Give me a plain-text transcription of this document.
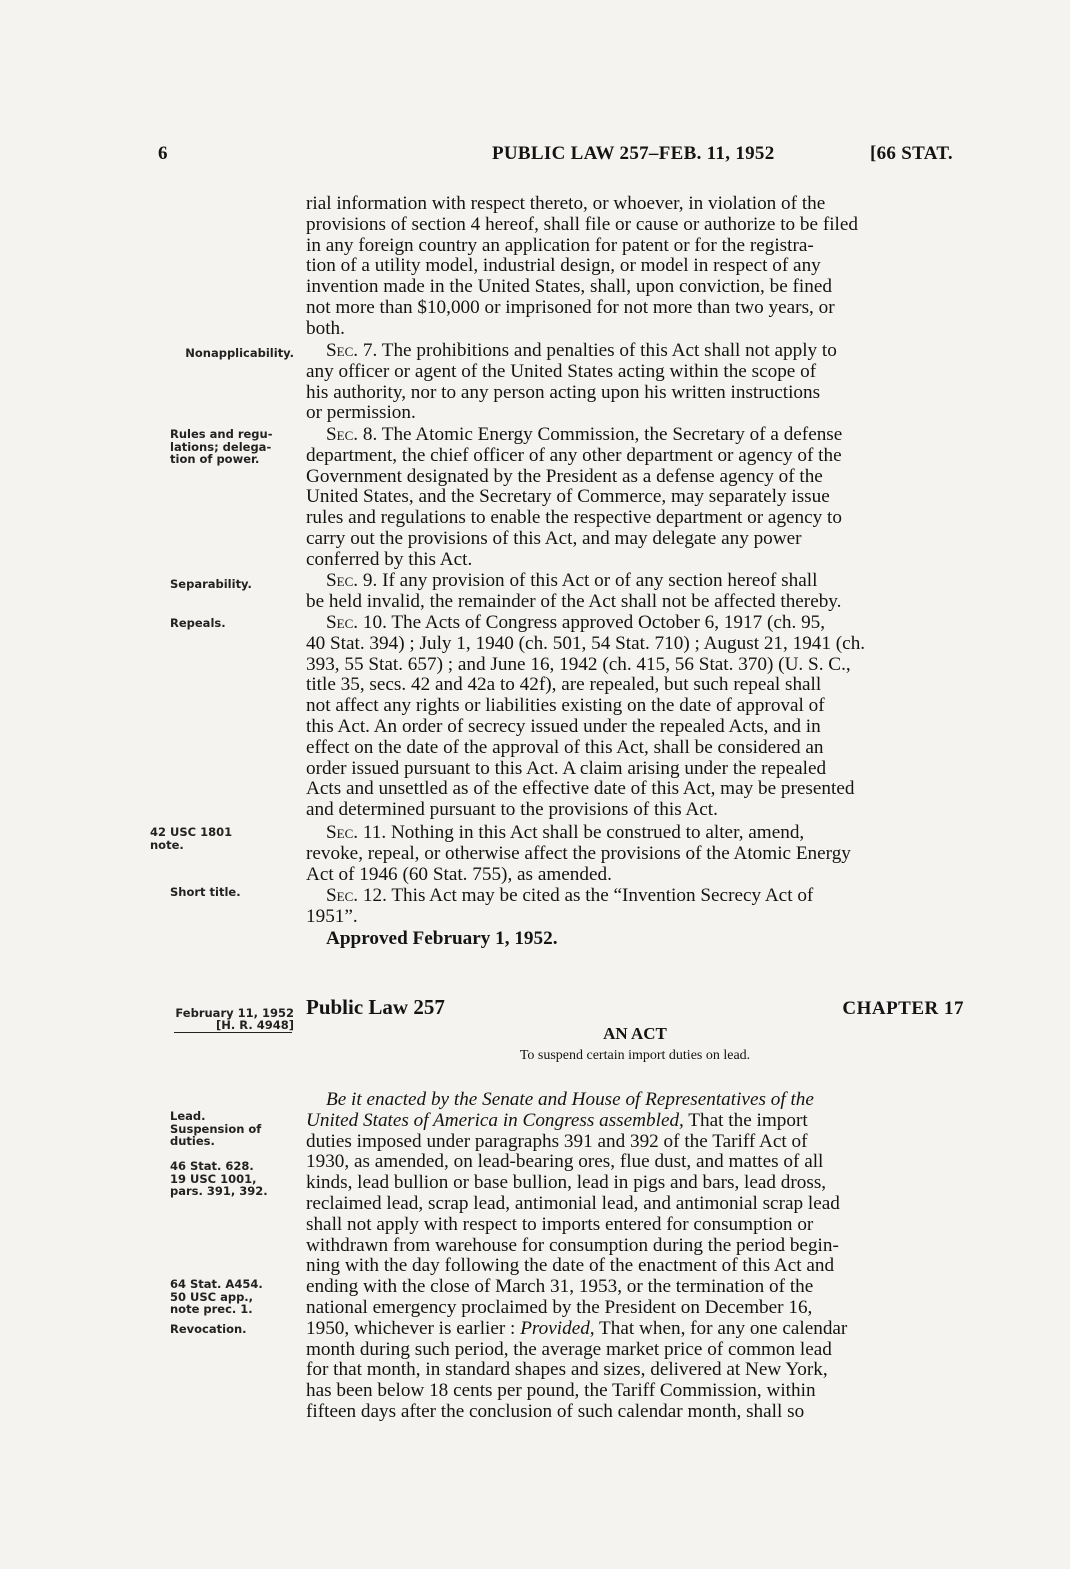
6	PUBLIC LAW 257–FEB. 11, 1952	[66 STAT.
Nonapplicability.
Rules and regu-
lations; delega-
tion of power.
Separability.
Repeals.
42 USC 1801
note.
Short title.
February 11, 1952
[H. R. 4948]
Lead.
Suspension of
duties.
46 Stat. 628.
19 USC 1001,
pars. 391, 392.
64 Stat. A454.
50 USC app.,
note prec. 1.
Revocation.
rial information with respect thereto, or whoever, in violation of the
provisions of section 4 hereof, shall file or cause or authorize to be filed
in any foreign country an application for patent or for the registra-
tion of a utility model, industrial design, or model in respect of any
invention made in the United States, shall, upon conviction, be fined
not more than $10,000 or imprisoned for not more than two years, or
both.
Sec. 7. The prohibitions and penalties of this Act shall not apply to
any officer or agent of the United States acting within the scope of
his authority, nor to any person acting upon his written instructions
or permission.
Sec. 8. The Atomic Energy Commission, the Secretary of a defense
department, the chief officer of any other department or agency of the
Government designated by the President as a defense agency of the
United States, and the Secretary of Commerce, may separately issue
rules and regulations to enable the respective department or agency to
carry out the provisions of this Act, and may delegate any power
conferred by this Act.
Sec. 9. If any provision of this Act or of any section hereof shall
be held invalid, the remainder of the Act shall not be affected thereby.
Sec. 10. The Acts of Congress approved October 6, 1917 (ch. 95,
40 Stat. 394) ; July 1, 1940 (ch. 501, 54 Stat. 710) ; August 21, 1941 (ch.
393, 55 Stat. 657) ; and June 16, 1942 (ch. 415, 56 Stat. 370) (U. S. C.,
title 35, secs. 42 and 42a to 42f), are repealed, but such repeal shall
not affect any rights or liabilities existing on the date of approval of
this Act. An order of secrecy issued under the repealed Acts, and in
effect on the date of the approval of this Act, shall be considered an
order issued pursuant to this Act. A claim arising under the repealed
Acts and unsettled as of the effective date of this Act, may be presented
and determined pursuant to the provisions of this Act.
Sec. 11. Nothing in this Act shall be construed to alter, amend,
revoke, repeal, or otherwise affect the provisions of the Atomic Energy
Act of 1946 (60 Stat. 755), as amended.
Sec. 12. This Act may be cited as the “Invention Secrecy Act of
1951”.
Approved February 1, 1952.
Public Law 257	CHAPTER 17
AN ACT
To suspend certain import duties on lead.
Be it enacted by the Senate and House of Representatives of the
United States of America in Congress assembled, That the import
duties imposed under paragraphs 391 and 392 of the Tariff Act of
1930, as amended, on lead-bearing ores, flue dust, and mattes of all
kinds, lead bullion or base bullion, lead in pigs and bars, lead dross,
reclaimed lead, scrap lead, antimonial lead, and antimonial scrap lead
shall not apply with respect to imports entered for consumption or
withdrawn from warehouse for consumption during the period begin-
ning with the day following the date of the enactment of this Act and
ending with the close of March 31, 1953, or the termination of the
national emergency proclaimed by the President on December 16,
1950, whichever is earlier : Provided, That when, for any one calendar
month during such period, the average market price of common lead
for that month, in standard shapes and sizes, delivered at New York,
has been below 18 cents per pound, the Tariff Commission, within
fifteen days after the conclusion of such calendar month, shall so
